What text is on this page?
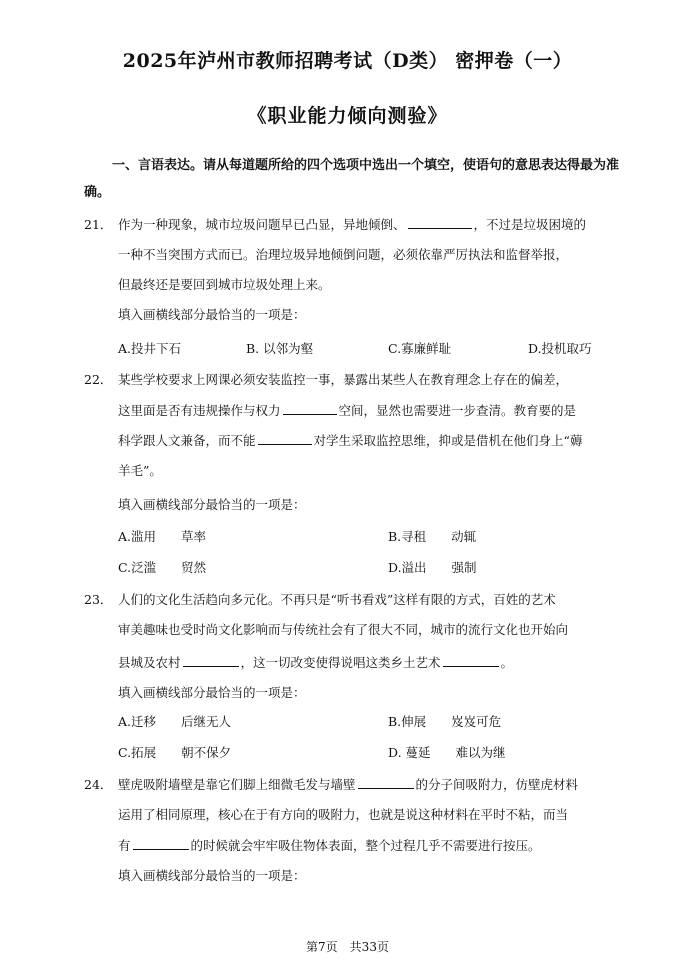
2025年泸州市教师招聘考试（D类） 密押卷（一）
《职业能力倾向测验》
一、言语表达。请从每道题所给的四个选项中选出一个填空，使语句的意思表达得最为准确。
21． 作为一种现象，城市垃圾问题早已凸显，异地倾倒、	，不过是垃圾困境的
一种不当突围方式而已。治理垃圾异地倾倒问题，必须依靠严厉执法和监督举报，
但最终还是要回到城市垃圾处理上来。
填入画横线部分最恰当的一项是：
A.投井下石	B. 以邻为壑	C.寡廉鲜耻	D.投机取巧
22． 某些学校要求上网课必须安装监控一事，暴露出某些人在教育理念上存在的偏差，
这里面是否有违规操作与权力	空间，显然也需要进一步查清。教育要的是
科学跟人文兼备，而不能	对学生采取监控思维，抑或是借机在他们身上“薅
羊毛”。
填入画横线部分最恰当的一项是：
A.滥用　　草率	B.寻租　　动辄
C.泛滥　　贸然	D.溢出　　强制
23． 人们的文化生活趋向多元化。不再只是“听书看戏”这样有限的方式，百姓的艺术
审美趣味也受时尚文化影响而与传统社会有了很大不同，城市的流行文化也开始向
县城及农村	，这一切改变使得说唱这类乡土艺术	。
填入画横线部分最恰当的一项是：
A.迁移　　后继无人	B.伸展　　岌岌可危
C.拓展　　朝不保夕	D. 蔓延　　难以为继
24． 壁虎吸附墙壁是靠它们脚上细微毛发与墙壁	的分子间吸附力，仿壁虎材料
运用了相同原理，核心在于有方向的吸附力，也就是说这种材料在平时不粘，而当
有	的时候就会牢牢吸住物体表面，整个过程几乎不需要进行按压。
填入画横线部分最恰当的一项是：
第7页　共33页
